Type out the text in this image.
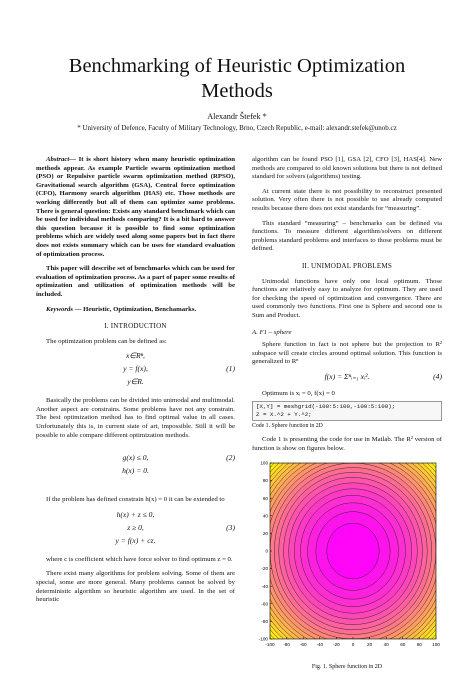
Benchmarking of Heuristic Optimization
Methods
Alexandr Štefek *
* University of Defence, Faculty of Military Technology, Brno, Czech Republic, e-mail: alexandr.stefek@unob.cz

Abstract— It is short history when many heuristic optimization methods appear. As example Particle swarm optimization method (PSO) or Repulsive particle swarm optimization method (RPSO), Gravitational search algorithm (GSA), Central force optimization (CFO), Harmony search algorithm (HAS) etc. Those methods are working differently but all of them can optimize same problems. There is general question: Exists any standard benchmark which can be used for individual methods comparing? It is a bit hard to answer this question because it is possible to find some optimization problems which are widely used along some papers but in fact there does not exists summary which can be uses for standard evaluation of optimization process.

This paper will describe set of benchmarks which can be used for evaluation of optimization process. As a part of paper some results of optimization and utilization of optimization methods will be included.

Keywords — Heuristic, Optimization, Benchamarks.

I. INTRODUCTION

The optimization problem can be defined as:

x∈Rⁿ,
y = f(x),	(1)
y∈R.

Basically the problems can be divided into unimodal and multimodal. Another aspect are constrains. Some problems have not any constrain. The best optimization method has to find optimal value in all cases. Unfortunately this is, in current state of art, impossible. Still it will be possible to able compare different optimization methods.

g(x) ≤ 0,	(2)
h(x) = 0.

If the problem has defined constrain h(x) = 0 it can be extended to

h(x) + z ≤ 0,
z ≥ 0,	(3)
y = f(x) + cz.

where c is coefficient which have force solver to find optimum z = 0.

There exist many algorithms for problem solving. Some of them are special, some are more general. Many problems cannot be solved by deterministic algorithm so heuristic algorithm are used. In the set of heuristic

algorithm can be found PSO [1], GSA [2], CFO [3], HAS[4]. New methods are compared to old known solutions but there is not defined standard for solvers (algorithms) testing.

At current state there is not possibility to reconstruct presented solution. Very often there is not possible to use already computed results because there does not exist standards for “measuring”.

This standard “measuring” – benchmarks can be defined via functions. To measure different algorithm/solvers on different problems standard problems and interfaces to those problems must be defined.

II. UNIMODAL PROBLEMS

Unimodal functions have only one local optimum. Those functions are relatively easy to analyze for optimum. They are used for checking the speed of optimization and convergence. There are used commonly two functions. First one is Sphere and second one is Sum and Product.

A. F1 – sphere

Sphere function in fact is not sphere but the projection to R² subspace will create circles around optimal solution. This function is generalized to Rⁿ

f(x) = Σⁿᵢ₌₁ xᵢ².	(4)

Optimum is xᵢ = 0, f(x) = 0

[X,Y] = meshgrid(-100:5:100,-100:5:100);
Z = X.^2 + Y.^2;
Code 1. Sphere function in 2D

Code 1 is presenting the code for use in Matlab. The R² version of function is show on figures below.

-100 -80 -60 -40 -20	0	20 40 60 80 100
100
80
60
40
20
0
-20
-40
-60
-80
-100
Fig. 1. Sphere function in 2D
